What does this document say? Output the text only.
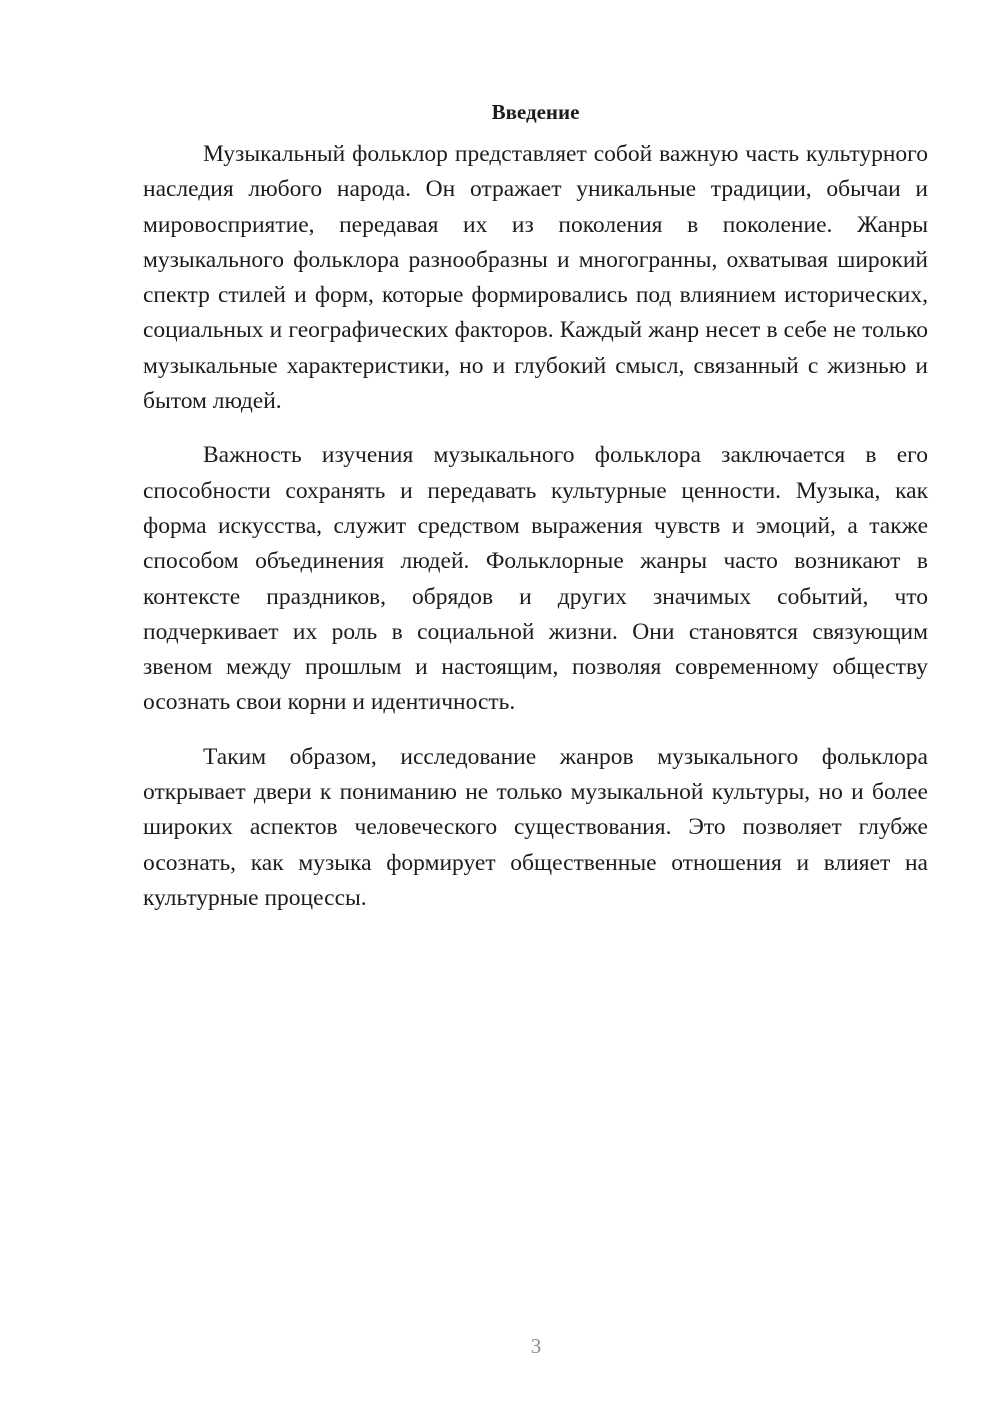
Введение

Музыкальный фольклор представляет собой важную часть культурного наследия любого народа. Он отражает уникальные традиции, обычаи и мировосприятие, передавая их из поколения в поколение. Жанры музыкального фольклора разнообразны и многогранны, охватывая широкий спектр стилей и форм, которые формировались под влиянием исторических, социальных и географических факторов. Каждый жанр несет в себе не только музыкальные характеристики, но и глубокий смысл, связанный с жизнью и бытом людей.

Важность изучения музыкального фольклора заключается в его способности сохранять и передавать культурные ценности. Музыка, как форма искусства, служит средством выражения чувств и эмоций, а также способом объединения людей. Фольклорные жанры часто возникают в контексте праздников, обрядов и других значимых событий, что подчеркивает их роль в социальной жизни. Они становятся связующим звеном между прошлым и настоящим, позволяя современному обществу осознать свои корни и идентичность.

Таким образом, исследование жанров музыкального фольклора открывает двери к пониманию не только музыкальной культуры, но и более широких аспектов человеческого существования. Это позволяет глубже осознать, как музыка формирует общественные отношения и влияет на культурные процессы.

3
